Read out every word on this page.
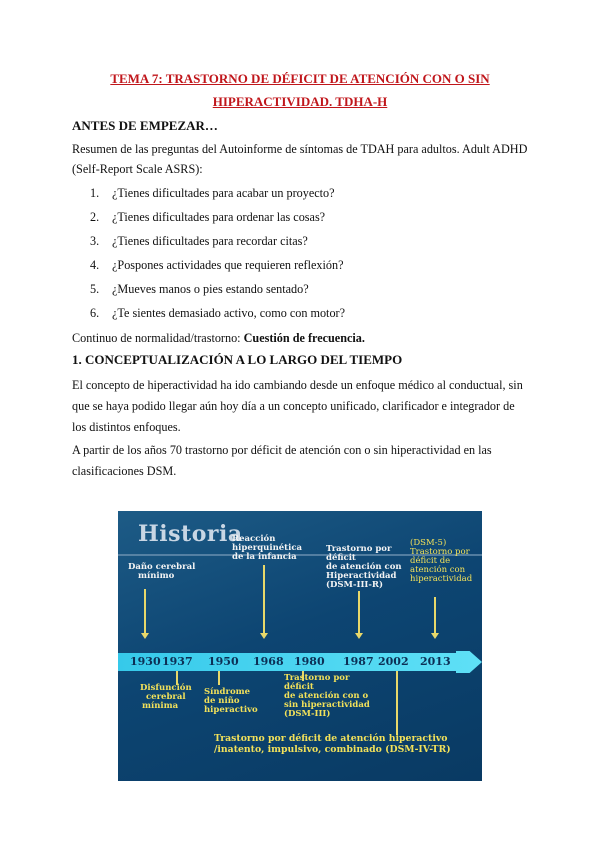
TEMA 7: TRASTORNO DE DÉFICIT DE ATENCIÓN CON O SIN
HIPERACTIVIDAD. TDHA-H
ANTES DE EMPEZAR…
Resumen de las preguntas del Autoinforme de síntomas de TDAH para adultos. Adult ADHD
(Self-Report Scale ASRS):
1. ¿Tienes dificultades para acabar un proyecto?
2. ¿Tienes dificultades para ordenar las cosas?
3. ¿Tienes dificultades para recordar citas?
4. ¿Pospones actividades que requieren reflexión?
5. ¿Mueves manos o pies estando sentado?
6. ¿Te sientes demasiado activo, como con motor?
Continuo de normalidad/trastorno: Cuestión de frecuencia.
1. CONCEPTUALIZACIÓN A LO LARGO DEL TIEMPO
El concepto de hiperactividad ha ido cambiando desde un enfoque médico al conductual, sin
que se haya podido llegar aún hoy día a un concepto unificado, clarificador e integrador de
los distintos enfoques.
A partir de los años 70 trastorno por déficit de atención con o sin hiperactividad en las
clasificaciones DSM.
Historia
Daño cerebral
mínimo
Reacción
hiperquinética
de la infancia
Trastorno por
déficit
de atención con
Hiperactividad
(DSM-III-R)
(DSM-5)
Trastorno por
déficit de
atención con
hiperactividad
1930 1937 1950 1968 1980 1987 2002 2013
Disfunción
cerebral
mínima
Síndrome
de niño
hiperactivo
Trastorno por
déficit
de atención con o
sin hiperactividad
(DSM-III)
Trastorno por déficit de atención hiperactivo
/inatento, impulsivo, combinado (DSM-IV-TR)
